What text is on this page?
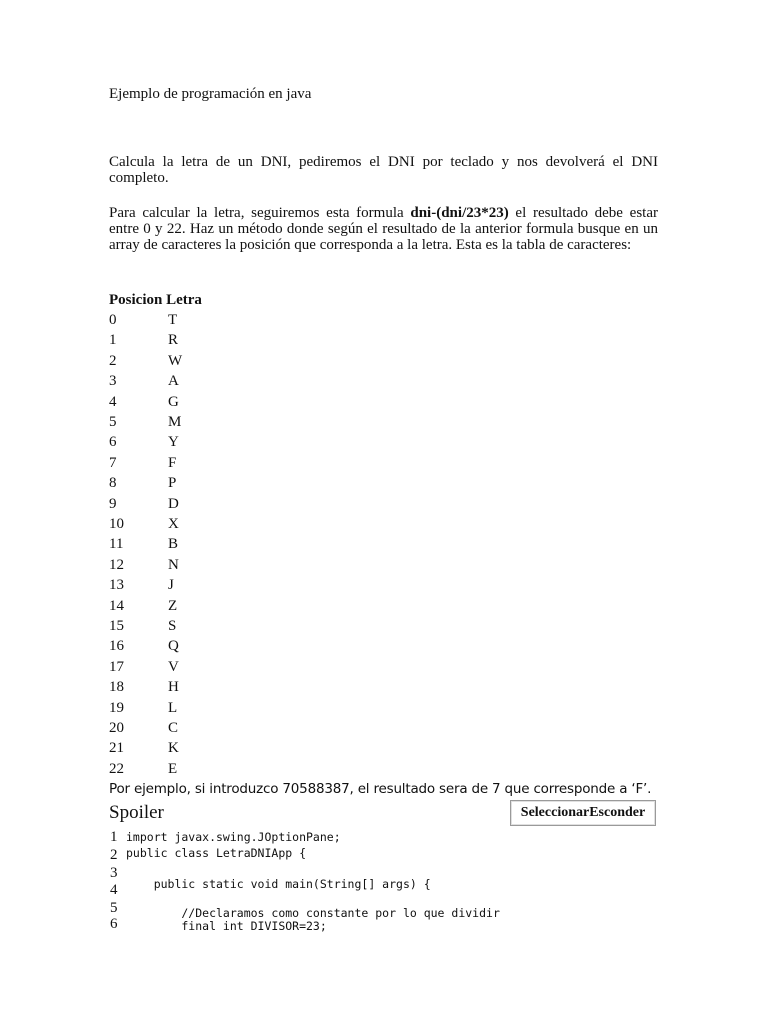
Ejemplo de programación en java
Calcula la letra de un DNI, pediremos el DNI por teclado y nos devolverá el DNI completo.
Para calcular la letra, seguiremos esta formula dni-(dni/23*23) el resultado debe estar entre 0 y 22. Haz un método donde según el resultado de la anterior formula busque en un array de caracteres la posición que corresponda a la letra. Esta es la tabla de caracteres:
Posicion Letra
0	T
1	R
2	W
3	A
4	G
5	M
6	Y
7	F
8	P
9	D
10	X
11	B
12	N
13	J
14	Z
15	S
16	Q
17	V
18	H
19	L
20	C
21	K
22	E
Por ejemplo, si introduzco 70588387, el resultado sera de 7 que corresponde a ‘F’.
Spoiler	SeleccionarEsconder
1
2
3
4
5
6
import javax.swing.JOptionPane;
public class LetraDNIApp {
public static void main(String[] args) {
//Declaramos como constante por lo que dividir
final int DIVISOR=23;
